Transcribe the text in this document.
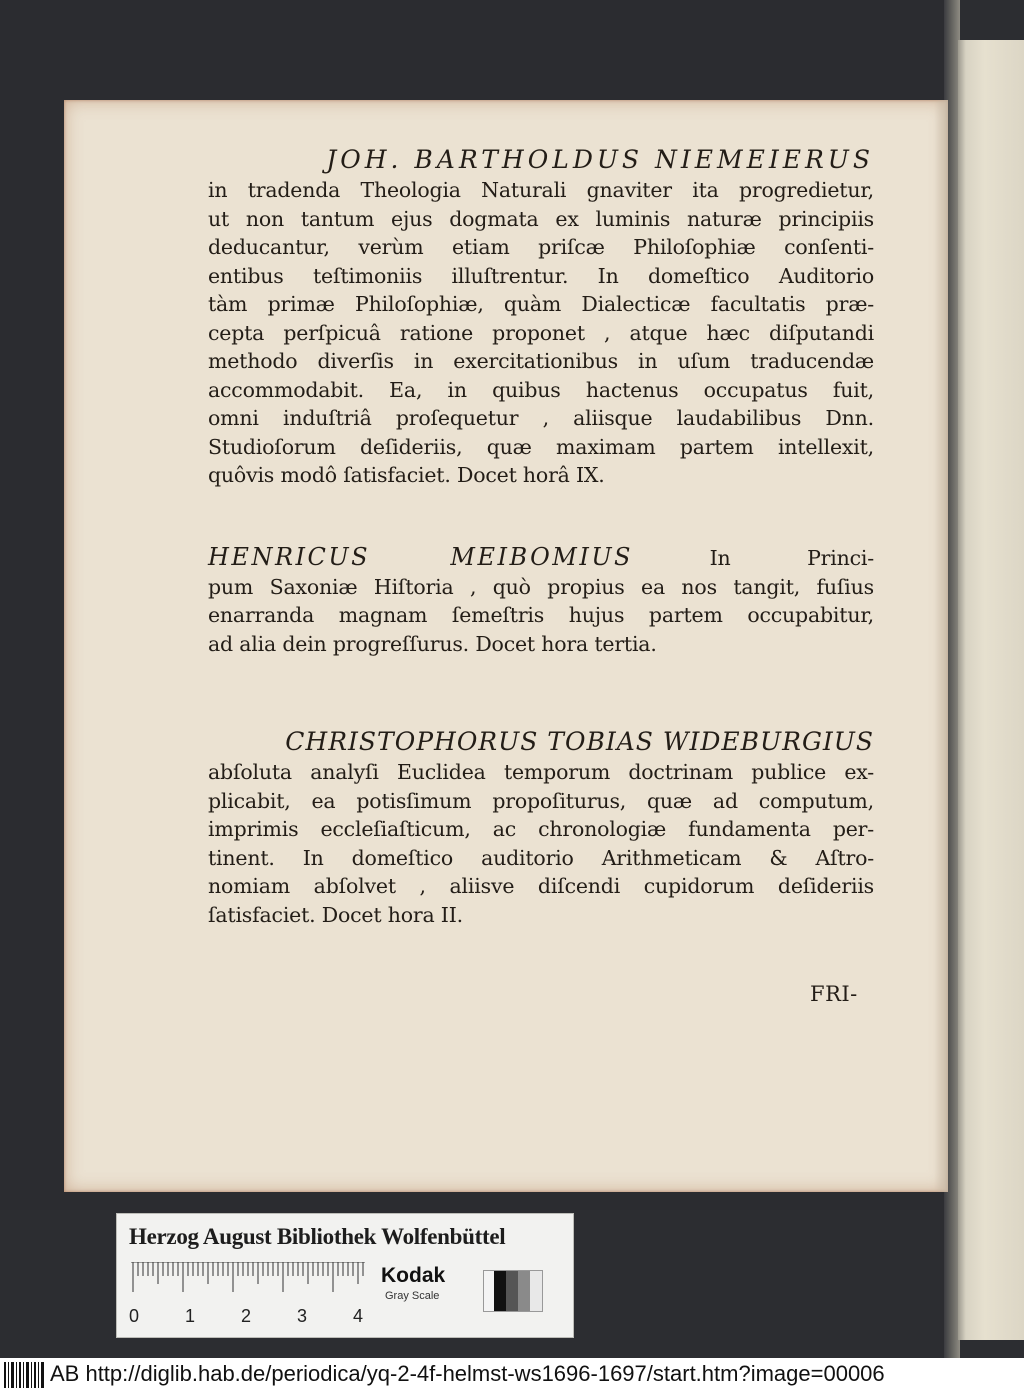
JOH. BARTHOLDUS NIEMEIERUS

in tradenda Theologia Naturali gnaviter ita progredietur,

ut non tantum ejus dogmata ex luminis naturæ principiis

deducantur, verùm etiam priſcæ Philoſophiæ conſenti-

entibus teſtimoniis illuſtrentur. In domeſtico Auditorio

tàm primæ Philoſophiæ, quàm Dialecticæ facultatis præ-

cepta perſpicuâ ratione proponet , atque hæc diſputandi

methodo diverſis in exercitationibus in uſum traducendæ

accommodabit. Ea, in quibus hactenus occupatus fuit,

omni induſtriâ proſequetur , aliisque laudabilibus Dnn.

Studioſorum deſideriis, quæ maximam partem intellexit,

quôvis modô ſatisfaciet. Docet horâ IX.

HENRICUS MEIBOMIUS	In Princi-

pum Saxoniæ Hiſtoria , quò propius ea nos tangit, fuſius

enarranda magnam ſemeſtris hujus partem occupabitur,

ad alia dein progreſſurus. Docet hora tertia.

CHRISTOPHORUS TOBIAS WIDEBURGIUS

abſoluta analyſi Euclidea temporum doctrinam publice ex-

plicabit, ea potisſimum propoſiturus, quæ ad computum,

imprimis eccleſiaſticum, ac chronologiæ fundamenta per-

tinent. In domeſtico auditorio Arithmeticam & Aſtro-

nomiam abſolvet , aliisve diſcendi cupidorum deſideriis

ſatisfaciet. Docet hora II.

FRI-
Herzog August Bibliothek Wolfenbüttel
0	1	2	3	4
Kodak
Gray Scale
AB http://diglib.hab.de/periodica/yq-2-4f-helmst-ws1696-1697/start.htm?image=00006
